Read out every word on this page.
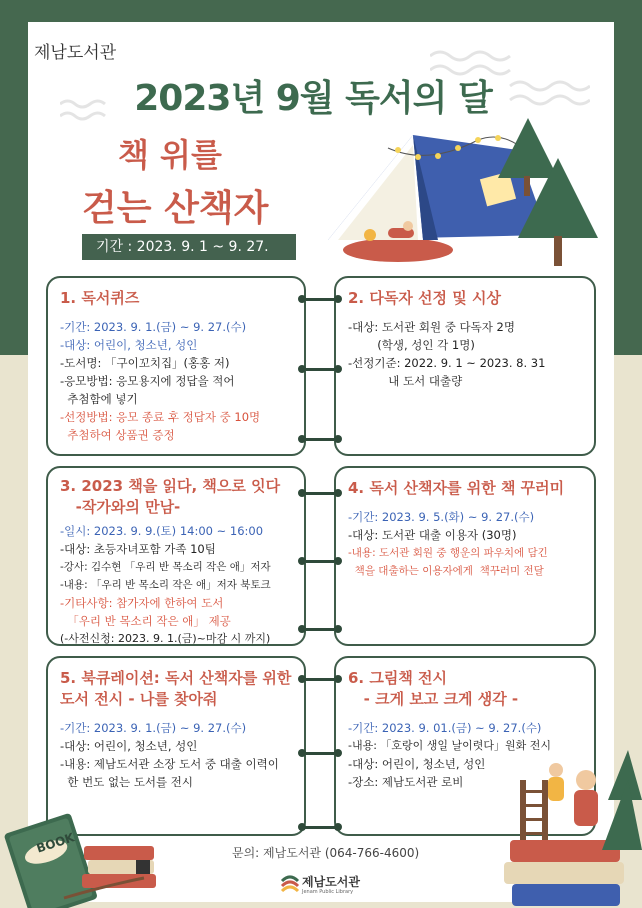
제남도서관
2023년 9월 독서의 달
책 위를
걷는 산책자
기간 : 2023. 9. 1 ~ 9. 27.
1. 독서퀴즈

-기간: 2023. 9. 1.(금) ~ 9. 27.(수)

-대상: 어린이, 청소년, 성인

-도서명: 「구이꼬치집」(홍홍 저)

-응모방법: 응모용지에 정답을 적어
추첨함에 넣기

-선정방법: 응모 종료 후 정답자 중 10명
추첨하여 상품권 증정

2. 다독자 선정 및 시상

-대상: 도서관 회원 중 다독자 2명
(학생, 성인 각 1명)

-선정기준: 2022. 9. 1 ~ 2023. 8. 31
내 도서 대출량

3. 2023 책을 읽다, 책으로 잇다
-작가와의 만남-

-일시: 2023. 9. 9.(토) 14:00 ~ 16:00

-대상: 초등자녀포함 가족 10팀

-강사: 김수현 「우리 반 목소리 작은 애」저자

-내용: 「우리 반 목소리 작은 애」저자 북토크

-기타사항: 참가자에 한하여 도서
「우리 반 목소리 작은 애」 제공

(-사전신청: 2023. 9. 1.(금)~마감 시 까지)

4. 독서 산책자를 위한 책 꾸러미

-기간: 2023. 9. 5.(화) ~ 9. 27.(수)

-대상: 도서관 대출 이용자 (30명)

-내용: 도서관 회원 중 행운의 파우치에 담긴
책을 대출하는 이용자에게  책꾸러미 전달

5. 북큐레이션: 독서 산책자를 위한
도서 전시 - 나를 찾아줘

-기간: 2023. 9. 1.(금) ~ 9. 27.(수)

-대상: 어린이, 청소년, 성인

-내용: 제남도서관 소장 도서 중 대출 이력이
한 번도 없는 도서를 전시

6. 그림책 전시
- 크게 보고 크게 생각 -

-기간: 2023. 9. 01.(금) ~ 9. 27.(수)

-내용: 「호랑이 생일 날이렷다」원화 전시

-대상: 어린이, 청소년, 성인

-장소: 제남도서관 로비

BOOK	문의: 제남도서관 (064-766-4600)
제남도서관
Jenam Public Library
